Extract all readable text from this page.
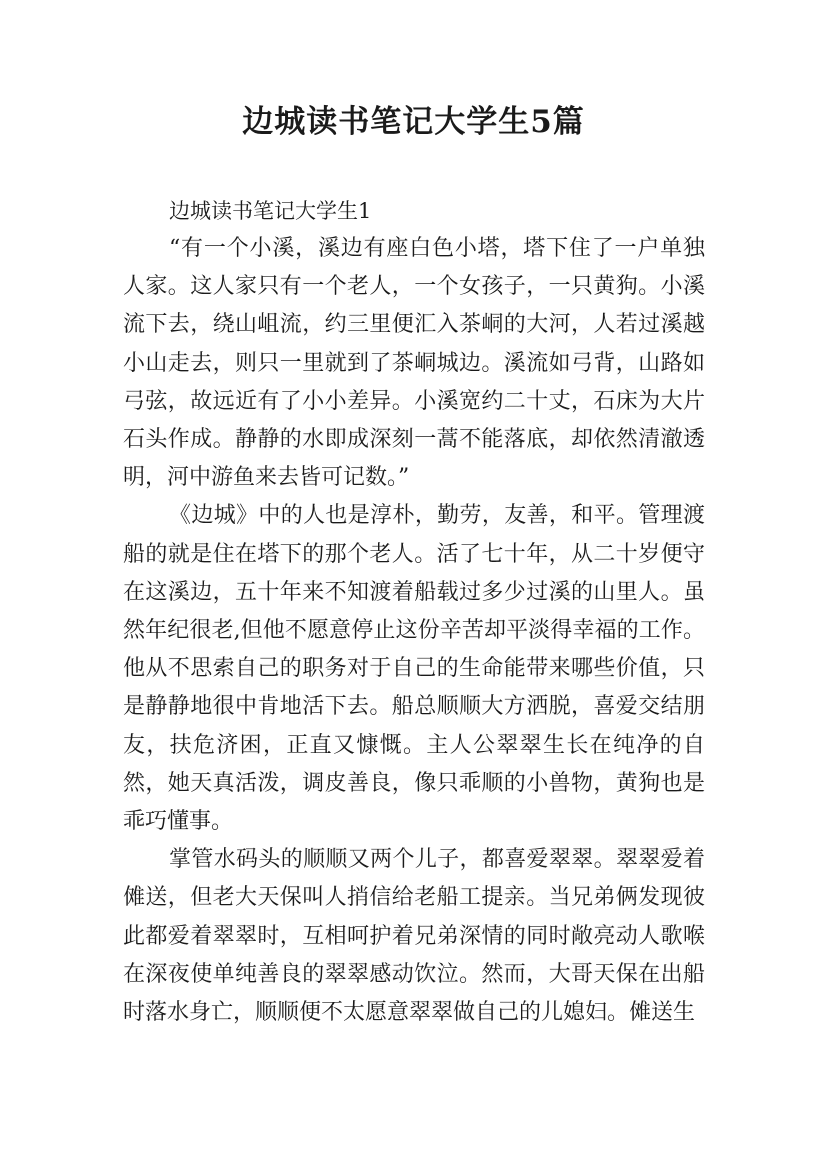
边城读书笔记大学生5篇
边城读书笔记大学生1

“有一个小溪，溪边有座白色小塔，塔下住了一户单独人家。这人家只有一个老人，一个女孩子，一只黄狗。小溪流下去，绕山岨流，约三里便汇入茶峒的大河，人若过溪越小山走去，则只一里就到了茶峒城边。溪流如弓背，山路如弓弦，故远近有了小小差异。小溪宽约二十丈，石床为大片石头作成。静静的水即成深刻一蒿不能落底，却依然清澈透明，河中游鱼来去皆可记数。”

《边城》中的人也是淳朴，勤劳，友善，和平。管理渡船的就是住在塔下的那个老人。活了七十年，从二十岁便守在这溪边，五十年来不知渡着船载过多少过溪的山里人。虽然年纪很老,但他不愿意停止这份辛苦却平淡得幸福的工作。他从不思索自己的职务对于自己的生命能带来哪些价值，只是静静地很中肯地活下去。船总顺顺大方洒脱，喜爱交结朋友，扶危济困，正直又慷慨。主人公翠翠生长在纯净的自然，她天真活泼，调皮善良，像只乖顺的小兽物，黄狗也是乖巧懂事。

掌管水码头的顺顺又两个儿子，都喜爱翠翠。翠翠爱着傩送，但老大天保叫人捎信给老船工提亲。当兄弟俩发现彼此都爱着翠翠时，互相呵护着兄弟深情的同时敞亮动人歌喉在深夜使单纯善良的翠翠感动饮泣。然而，大哥天保在出船时落水身亡，顺顺便不太愿意翠翠做自己的儿媳妇。傩送生
